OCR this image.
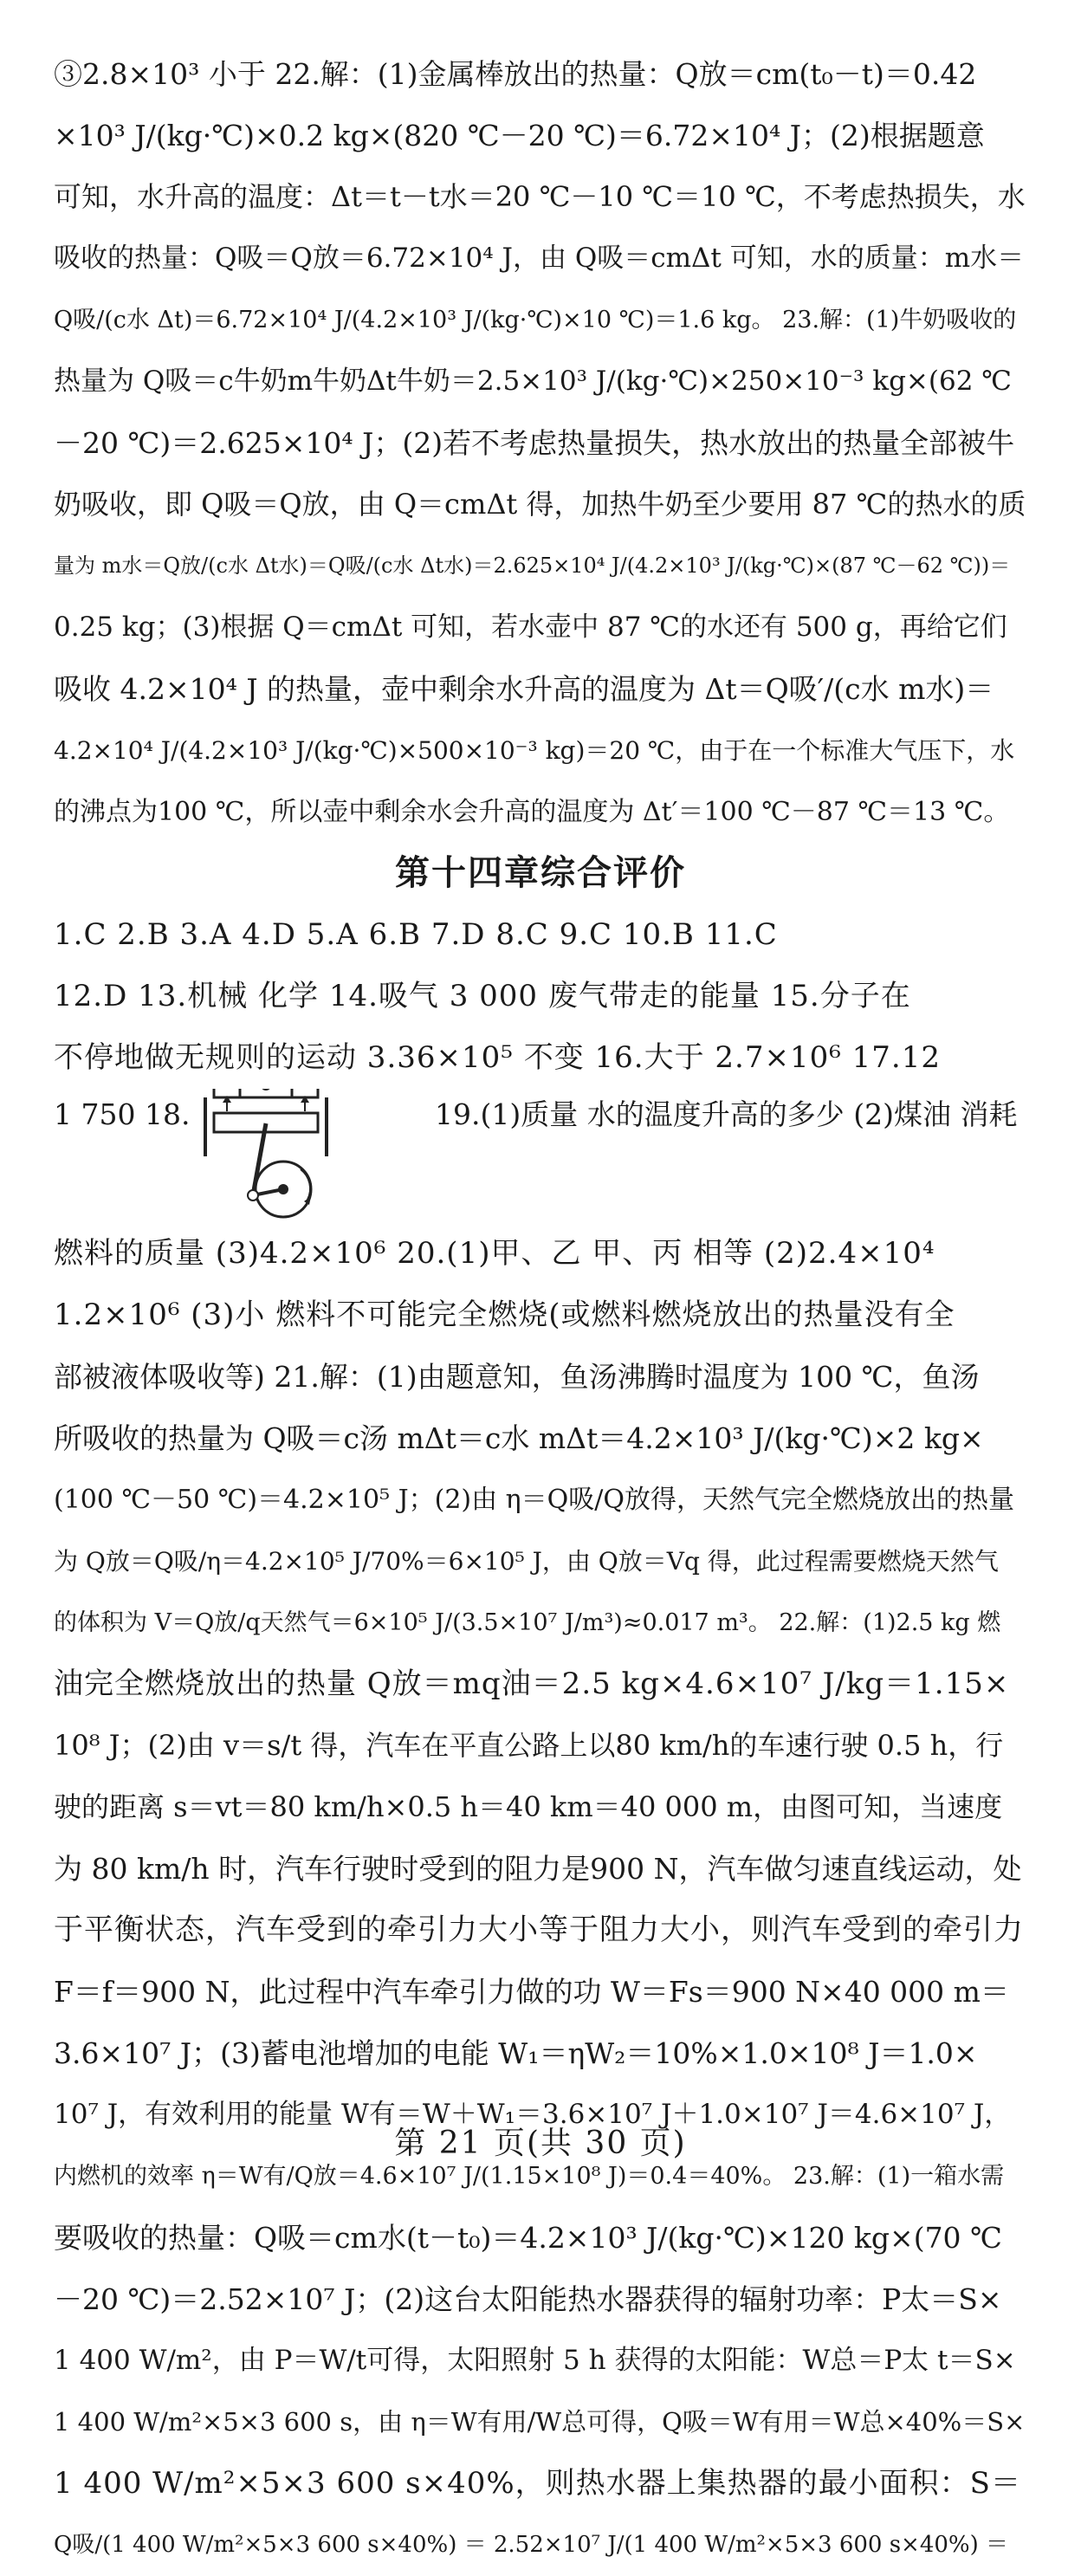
③2.8×10³ 小于 22.解：(1)金属棒放出的热量：Q放＝cm(t₀－t)＝0.42
×10³ J/(kg·℃)×0.2 kg×(820 ℃－20 ℃)＝6.72×10⁴ J；(2)根据题意
可知，水升高的温度：Δt＝t－t水＝20 ℃－10 ℃＝10 ℃，不考虑热损失，水
吸收的热量：Q吸＝Q放＝6.72×10⁴ J，由 Q吸＝cmΔt 可知，水的质量：m水＝
Q吸/(c水 Δt)＝6.72×10⁴ J/(4.2×10³ J/(kg·℃)×10 ℃)＝1.6 kg。 23.解：(1)牛奶吸收的
热量为 Q吸＝c牛奶m牛奶Δt牛奶＝2.5×10³ J/(kg·℃)×250×10⁻³ kg×(62 ℃
－20 ℃)＝2.625×10⁴ J；(2)若不考虑热量损失，热水放出的热量全部被牛
奶吸收，即 Q吸＝Q放，由 Q＝cmΔt 得，加热牛奶至少要用 87 ℃的热水的质
量为 m水＝Q放/(c水 Δt水)＝Q吸/(c水 Δt水)＝2.625×10⁴ J/(4.2×10³ J/(kg·℃)×(87 ℃－62 ℃))＝
0.25 kg；(3)根据 Q＝cmΔt 可知，若水壶中 87 ℃的水还有 500 g，再给它们
吸收 4.2×10⁴ J 的热量，壶中剩余水升高的温度为 Δt＝Q吸′/(c水 m水)＝
4.2×10⁴ J/(4.2×10³ J/(kg·℃)×500×10⁻³ kg)＝20 ℃，由于在一个标准大气压下，水
的沸点为100 ℃，所以壶中剩余水会升高的温度为 Δt′＝100 ℃－87 ℃＝13 ℃。
第十四章综合评价
1.C 2.B 3.A 4.D 5.A 6.B 7.D 8.C 9.C 10.B 11.C
12.D 13.机械 化学 14.吸气 3 000 废气带走的能量 15.分子在
不停地做无规则的运动 3.36×10⁵ 不变 16.大于 2.7×10⁶ 17.12
1 750 18.	19.(1)质量 水的温度升高的多少 (2)煤油 消耗
燃料的质量 (3)4.2×10⁶ 20.(1)甲、乙 甲、丙 相等 (2)2.4×10⁴
1.2×10⁶ (3)小 燃料不可能完全燃烧(或燃料燃烧放出的热量没有全
部被液体吸收等) 21.解：(1)由题意知，鱼汤沸腾时温度为 100 ℃，鱼汤
所吸收的热量为 Q吸＝c汤 mΔt＝c水 mΔt＝4.2×10³ J/(kg·℃)×2 kg×
(100 ℃－50 ℃)＝4.2×10⁵ J；(2)由 η＝Q吸/Q放得，天然气完全燃烧放出的热量
为 Q放＝Q吸/η＝4.2×10⁵ J/70%＝6×10⁵ J，由 Q放＝Vq 得，此过程需要燃烧天然气
的体积为 V＝Q放/q天然气＝6×10⁵ J/(3.5×10⁷ J/m³)≈0.017 m³。 22.解：(1)2.5 kg 燃
油完全燃烧放出的热量 Q放＝mq油＝2.5 kg×4.6×10⁷ J/kg＝1.15×
10⁸ J；(2)由 v＝s/t 得，汽车在平直公路上以80 km/h的车速行驶 0.5 h，行
驶的距离 s＝vt＝80 km/h×0.5 h＝40 km＝40 000 m，由图可知，当速度
为 80 km/h 时，汽车行驶时受到的阻力是900 N，汽车做匀速直线运动，处
于平衡状态，汽车受到的牵引力大小等于阻力大小，则汽车受到的牵引力
F＝f＝900 N，此过程中汽车牵引力做的功 W＝Fs＝900 N×40 000 m＝
3.6×10⁷ J；(3)蓄电池增加的电能 W₁＝ηW₂＝10%×1.0×10⁸ J＝1.0×
10⁷ J，有效利用的能量 W有＝W＋W₁＝3.6×10⁷ J＋1.0×10⁷ J＝4.6×10⁷ J，
内燃机的效率 η＝W有/Q放＝4.6×10⁷ J/(1.15×10⁸ J)＝0.4＝40%。 23.解：(1)一箱水需
要吸收的热量：Q吸＝cm水(t－t₀)＝4.2×10³ J/(kg·℃)×120 kg×(70 ℃
－20 ℃)＝2.52×10⁷ J；(2)这台太阳能热水器获得的辐射功率：P太＝S×
1 400 W/m²，由 P＝W/t可得，太阳照射 5 h 获得的太阳能：W总＝P太 t＝S×
1 400 W/m²×5×3 600 s，由 η＝W有用/W总可得，Q吸＝W有用＝W总×40%＝S×
1 400 W/m²×5×3 600 s×40%，则热水器上集热器的最小面积：S＝
Q吸/(1 400 W/m²×5×3 600 s×40%) ＝ 2.52×10⁷ J/(1 400 W/m²×5×3 600 s×40%) ＝
第 21 页(共 30 页)
